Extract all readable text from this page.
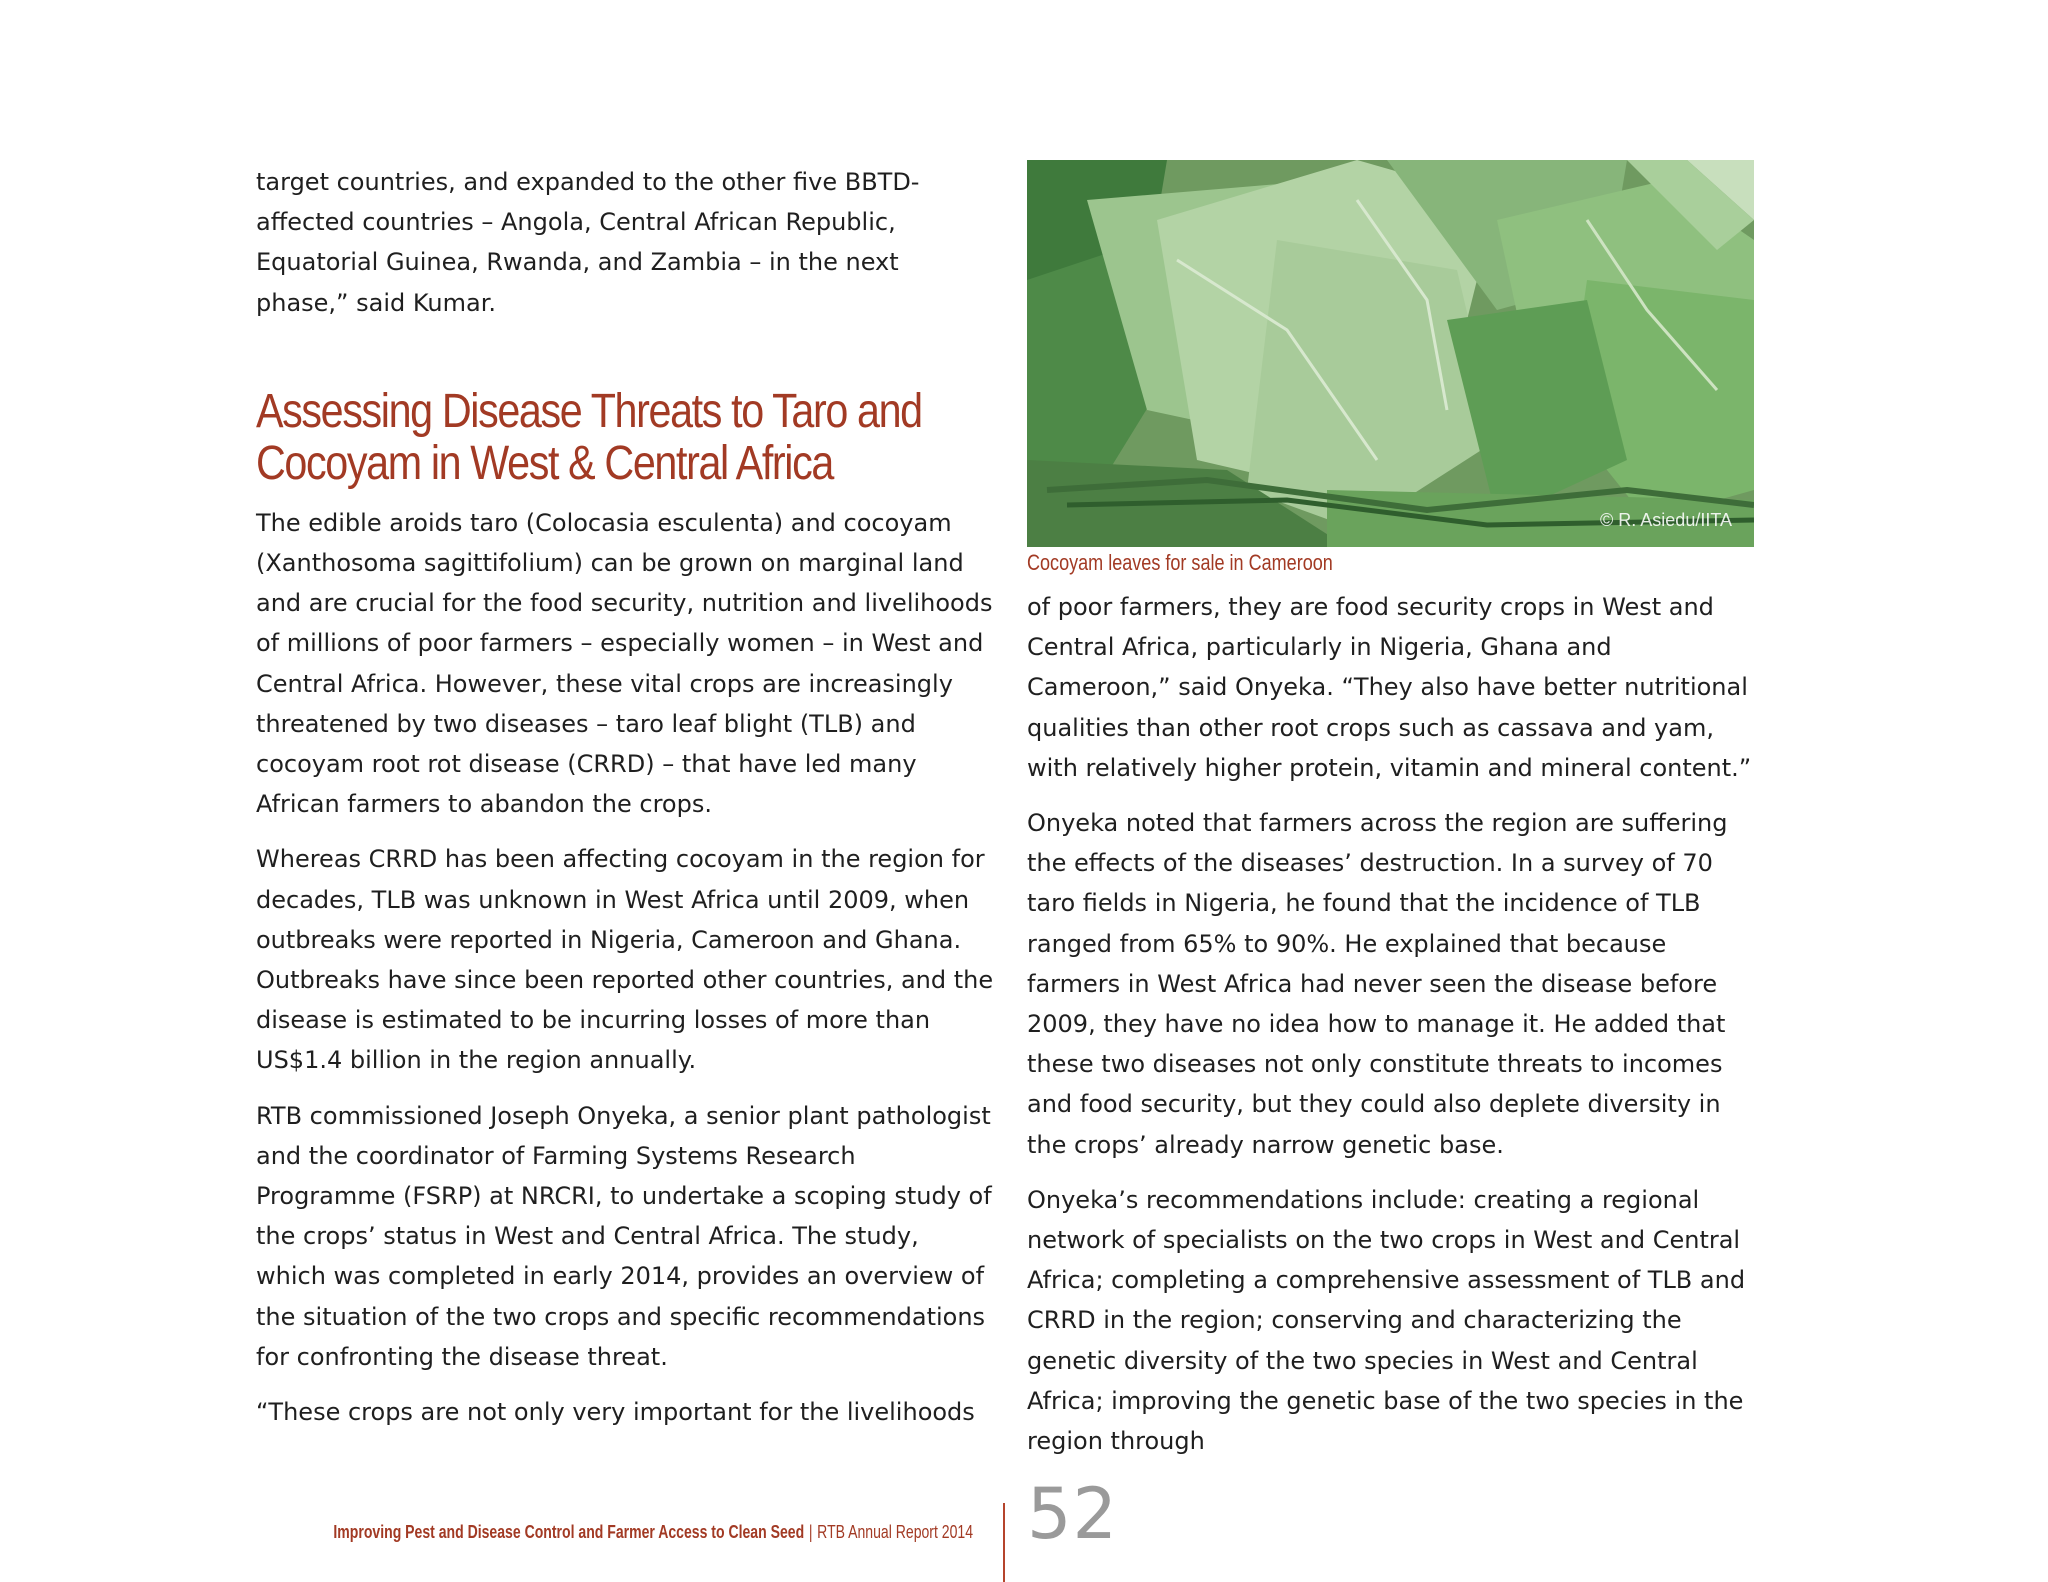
target countries, and expanded to the other five BBTD-affected countries – Angola, Central African Republic, Equatorial Guinea, Rwanda, and Zambia – in the next phase,” said Kumar.

Assessing Disease Threats to Taro and Cocoyam in West & Central Africa

The edible aroids taro (Colocasia esculenta) and cocoyam (Xanthosoma sagittifolium) can be grown on marginal land and are crucial for the food security, nutrition and livelihoods of millions of poor farmers – especially women – in West and Central Africa. However, these vital crops are increasingly threatened by two diseases – taro leaf blight (TLB) and cocoyam root rot disease (CRRD) – that have led many African farmers to abandon the crops.

Whereas CRRD has been affecting cocoyam in the region for decades, TLB was unknown in West Africa until 2009, when outbreaks were reported in Nigeria, Cameroon and Ghana. Outbreaks have since been reported other countries, and the disease is estimated to be incurring losses of more than US$1.4 billion in the region annually.

RTB commissioned Joseph Onyeka, a senior plant pathologist and the coordinator of Farming Systems Research Programme (FSRP) at NRCRI, to undertake a scoping study of the crops’ status in West and Central Africa. The study, which was completed in early 2014, provides an overview of the situation of the two crops and specific recommendations for confronting the disease threat.

“These crops are not only very important for the livelihoods

© R. Asiedu/IITA
Cocoyam leaves for sale in Cameroon

of poor farmers, they are food security crops in West and Central Africa, particularly in Nigeria, Ghana and Cameroon,” said Onyeka. “They also have better nutritional qualities than other root crops such as cassava and yam, with relatively higher protein, vitamin and mineral content.”

Onyeka noted that farmers across the region are suffering the effects of the diseases’ destruction. In a survey of 70 taro fields in Nigeria, he found that the incidence of TLB ranged from 65% to 90%. He explained that because farmers in West Africa had never seen the disease before 2009, they have no idea how to manage it. He added that these two diseases not only constitute threats to incomes and food security, but they could also deplete diversity in the crops’ already narrow genetic base.

Onyeka’s recommendations include: creating a regional network of specialists on the two crops in West and Central Africa; completing a comprehensive assessment of TLB and CRRD in the region; conserving and characterizing the genetic diversity of the two species in West and Central Africa; improving the genetic base of the two species in the region through

Improving Pest and Disease Control and Farmer Access to Clean Seed | RTB Annual Report 2014 52
